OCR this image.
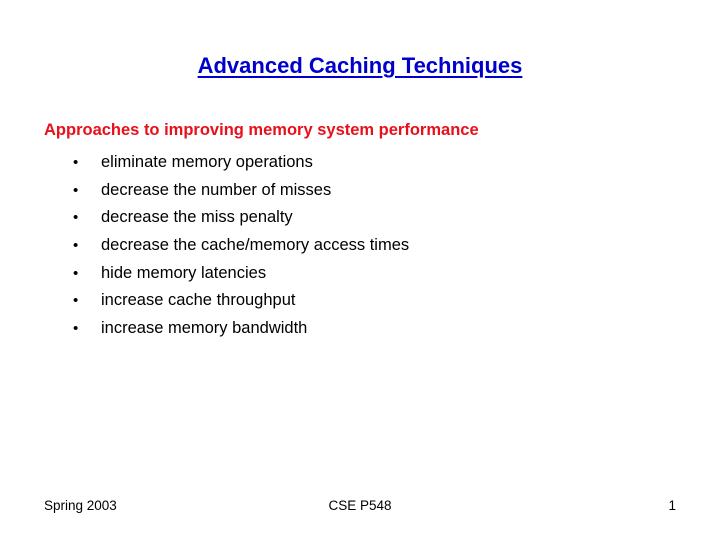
Advanced Caching Techniques
Approaches to improving memory system performance
•	eliminate memory operations
•	decrease the number of misses
•	decrease the miss penalty
•	decrease the cache/memory access times
•	hide memory latencies
•	increase cache throughput
•	increase memory bandwidth
Spring 2003	CSE P548	1
